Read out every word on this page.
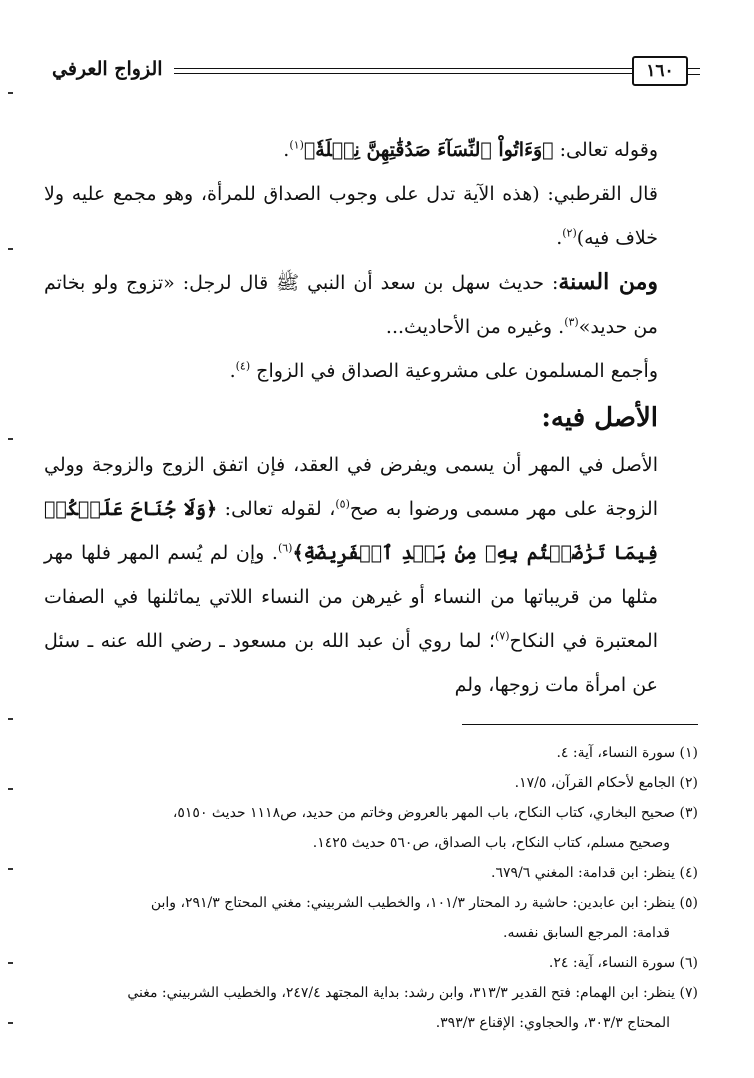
الزواج العرفي	١٦٠

وقوله تعالى: ﴿وَءَاتُواْ ٱلنِّسَآءَ صَدُقَٰتِهِنَّ نِحۡلَةٗ﴾$^{(١)}$.

قال القرطبي: (هذه الآية تدل على وجوب الصداق للمرأة، وهو مجمع عليه ولا خلاف فيه)$^{(٢)}$.

ومن السنة: حديث سهل بن سعد أن النبي ﷺ قال لرجل: «تزوج ولو بخاتم من حديد»$^{(٣)}$. وغيره من الأحاديث...

وأجمع المسلمون على مشروعية الصداق في الزواج $^{(٤)}$.

الأصل فيه:

الأصل في المهر أن يسمى ويفرض في العقد، فإن اتفق الزوج والزوجة وولي الزوجة على مهر مسمى ورضوا به صح$^{(٥)}$، لقوله تعالى: ﴿وَلَا جُنَاحَ عَلَيۡكُمۡ فِيمَا تَرَٰضَيۡتُم بِهِۦ مِنۢ بَعۡدِ ٱلۡفَرِيضَةِ﴾$^{(٦)}$. وإن لم يُسم المهر فلها مهر مثلها من قريباتها من النساء أو غيرهن من النساء اللاتي يماثلنها في الصفات المعتبرة في النكاح$^{(٧)}$؛ لما روي أن عبد الله بن مسعود ـ رضي الله عنه ـ سئل عن امرأة مات زوجها، ولم

(١) سورة النساء، آية: ٤.

(٢) الجامع لأحكام القرآن، ١٧/٥.

(٣) صحيح البخاري، كتاب النكاح، باب المهر بالعروض وخاتم من حديد، ص١١١٨ حديث ٥١٥٠،

وصحيح مسلم، كتاب النكاح، باب الصداق، ص٥٦٠ حديث ١٤٢٥.

(٤) ينظر: ابن قدامة: المغني ٦٧٩/٦.

(٥) ينظر: ابن عابدين: حاشية رد المحتار ١٠١/٣، والخطيب الشربيني: مغني المحتاج ٢٩١/٣، وابن

قدامة: المرجع السابق نفسه.

(٦) سورة النساء، آية: ٢٤.

(٧) ينظر: ابن الهمام: فتح القدير ٣١٣/٣، وابن رشد: بداية المجتهد ٢٤٧/٤، والخطيب الشربيني: مغني

المحتاج ٣٠٣/٣، والحجاوي: الإقناع ٣٩٣/٣.
